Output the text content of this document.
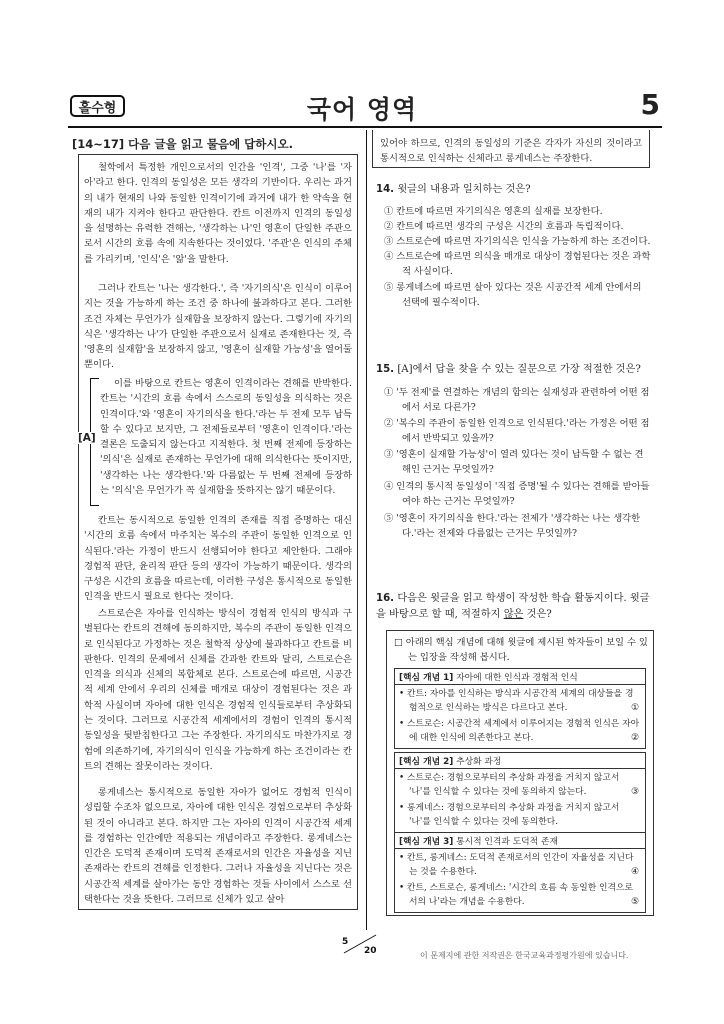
홀수형	국어 영역	5
[14~17] 다음 글을 읽고 물음에 답하시오.

철학에서 특정한 개인으로서의 인간을 '인격', 그중 '나'를 '자아'라고 한다. 인격의 동일성은 모든 생각의 기반이다. 우리는 과거의 내가 현재의 나와 동일한 인격이기에 과거에 내가 한 약속을 현재의 내가 지켜야 한다고 판단한다. 칸트 이전까지 인격의 동일성을 설명하는 유력한 견해는, '생각하는 나'인 영혼이 단일한 주관으로서 시간의 흐름 속에 지속한다는 것이었다. '주관'은 인식의 주체를 가리키며, '인식'은 '앎'을 말한다.

그러나 칸트는 '나는 생각한다.', 즉 '자기의식'은 인식이 이루어지는 것을 가능하게 하는 조건 중 하나에 불과하다고 본다. 그러한 조건 자체는 무언가가 실재함을 보장하지 않는다. 그렇기에 자기의식은 '생각하는 나'가 단일한 주관으로서 실재로 존재한다는 것, 즉 '영혼의 실재함'을 보장하지 않고, '영혼이 실재할 가능성'을 열어둘 뿐이다.

[A]

이를 바탕으로 칸트는 영혼이 인격이라는 견해를 반박한다. 칸트는 '시간의 흐름 속에서 스스로의 동일성을 의식하는 것은 인격이다.'와 '영혼이 자기의식을 한다.'라는 두 전제 모두 납득할 수 있다고 보지만, 그 전제들로부터 '영혼이 인격이다.'라는 결론은 도출되지 않는다고 지적한다. 첫 번째 전제에 등장하는 '의식'은 실재로 존재하는 무언가에 대해 의식한다는 뜻이지만, '생각하는 나는 생각한다.'와 다름없는 두 번째 전제에 등장하는 '의식'은 무언가가 꼭 실재함을 뜻하지는 않기 때문이다.

칸트는 동시적으로 동일한 인격의 존재를 직접 증명하는 대신 '시간의 흐름 속에서 마주치는 복수의 주관이 동일한 인격으로 인식된다.'라는 가정이 반드시 선행되어야 한다고 제안한다. 그래야 경험적 판단, 윤리적 판단 등의 생각이 가능하기 때문이다. 생각의 구성은 시간의 흐름을 따르는데, 이러한 구성은 통시적으로 동일한 인격을 반드시 필요로 한다는 것이다.

스트로슨은 자아를 인식하는 방식이 경험적 인식의 방식과 구별된다는 칸트의 견해에 동의하지만, 복수의 주관이 동일한 인격으로 인식된다고 가정하는 것은 철학적 상상에 불과하다고 칸트를 비판한다. 인격의 문제에서 신체를 간과한 칸트와 달리, 스트로슨은 인격을 의식과 신체의 복합체로 본다. 스트로슨에 따르면, 시공간적 세계 안에서 우리의 신체를 매개로 대상이 경험된다는 것은 과학적 사실이며 자아에 대한 인식은 경험적 인식들로부터 추상화되는 것이다. 그러므로 시공간적 세계에서의 경험이 인격의 통시적 동일성을 뒷받침한다고 그는 주장한다. 자기의식도 마찬가지로 경험에 의존하기에, 자기의식이 인식을 가능하게 하는 조건이라는 칸트의 견해는 잘못이라는 것이다.

롱게네스는 통시적으로 동일한 자아가 없어도 경험적 인식이 성립할 수조차 없으므로, 자아에 대한 인식은 경험으로부터 추상화된 것이 아니라고 본다. 하지만 그는 자아의 인격이 시공간적 세계를 경험하는 인간에만 적용되는 개념이라고 주장한다. 롱게네스는 인간은 도덕적 존재이며 도덕적 존재로서의 인간은 자율성을 지닌 존재라는 칸트의 견해를 인정한다. 그러나 자율성을 지닌다는 것은 시공간적 세계를 살아가는 동안 경험하는 것들 사이에서 스스로 선택한다는 것을 뜻한다. 그러므로 신체가 있고 살아

있어야 하므로, 인격의 동일성의 기준은 각자가 자신의 것이라고 통시적으로 인식하는 신체라고 롱게네스는 주장한다.

14. 윗글의 내용과 일치하는 것은?
① 칸트에 따르면 자기의식은 영혼의 실재를 보장한다.
② 칸트에 따르면 생각의 구성은 시간의 흐름과 독립적이다.
③ 스트로슨에 따르면 자기의식은 인식을 가능하게 하는 조건이다.
④ 스트로슨에 따르면 의식을 매개로 대상이 경험된다는 것은 과학적 사실이다.
⑤ 롱게네스에 따르면 살아 있다는 것은 시공간적 세계 안에서의 선택에 필수적이다.
15. [A]에서 답을 찾을 수 있는 질문으로 가장 적절한 것은?
① '두 전제'를 연결하는 개념의 함의는 실재성과 관련하여 어떤 점에서 서로 다른가?
② '복수의 주관이 동일한 인격으로 인식된다.'라는 가정은 어떤 점에서 반박되고 있을까?
③ '영혼이 실재할 가능성'이 열려 있다는 것이 납득할 수 없는 견해인 근거는 무엇일까?
④ 인격의 통시적 동일성이 '직접 증명'될 수 있다는 견해를 받아들여야 하는 근거는 무엇일까?
⑤ '영혼이 자기의식을 한다.'라는 전제가 '생각하는 나는 생각한다.'라는 전제와 다름없는 근거는 무엇일까?
16. 다음은 윗글을 읽고 학생이 작성한 학습 활동지이다. 윗글을 바탕으로 할 때, 적절하지 않은 것은?
□ 아래의 핵심 개념에 대해 윗글에 제시된 학자들이 보일 수 있는 입장을 작성해 봅시다.
[핵심 개념 1] 자아에 대한 인식과 경험적 인식
• 칸트: 자아를 인식하는 방식과 시공간적 세계의 대상들을 경험적으로 인식하는 방식은 다르다고 본다.	①
• 스트로슨: 시공간적 세계에서 이루어지는 경험적 인식은 자아에 대한 인식에 의존한다고 본다.	②
[핵심 개념 2] 추상화 과정
• 스트로슨: 경험으로부터의 추상화 과정을 거치지 않고서 '나'를 인식할 수 있다는 것에 동의하지 않는다.	③
• 롱게네스: 경험으로부터의 추상화 과정을 거치지 않고서 '나'를 인식할 수 있다는 것에 동의한다.
[핵심 개념 3] 통시적 인격과 도덕적 존재
• 칸트, 롱게네스: 도덕적 존재로서의 인간이 자율성을 지닌다는 것을 수용한다.	④
• 칸트, 스트로슨, 롱게네스: '시간의 흐름 속 동일한 인격으로서의 나'라는 개념을 수용한다.	⑤
5
20	이 문제지에 관한 저작권은 한국교육과정평가원에 있습니다.
